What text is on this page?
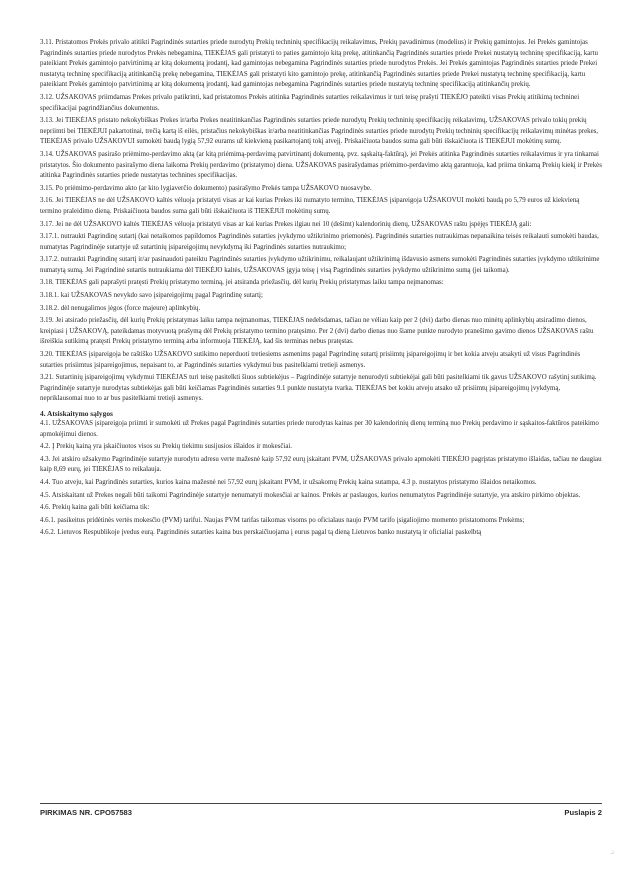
3.11. Pristatomos Prekės privalo atitikti Pagrindinės sutarties priede nurodytų Prekių techninių specifikacijų reikalavimus, Prekių pavadinimus (modelius) ir Prekių gamintojus. Jei Prekės gamintojas Pagrindinės sutarties priede nurodytos Prekės nebegamina, TIEKĖJAS gali pristatyti to paties gamintojo kitą prekę, atitinkančią Pagrindinės sutarties priede Prekei nustatytą techninę specifikaciją, kartu pateikiant Prekės gamintojo patvirtinimą ar kitą dokumentą įrodantį, kad gamintojas nebegamina Pagrindinės sutarties priede nurodytos Prekės. Jei Prekės gamintojas Pagrindinės sutarties priede Prekei nustatytą techninę specifikaciją atitinkančią prekę nebegamina, TIEKĖJAS gali pristatyti kito gamintojo prekę, atitinkančią Pagrindinės sutarties priede Prekei nustatytą techninę specifikaciją, kartu pateikiant Prekės gamintojo patvirtinimą ar kitą dokumentą įrodantį, kad gamintojas nebegamina Pagrindinės sutarties priede nustatytą techninę specifikaciją atitinkančių prekių.

3.12. UŽSAKOVAS priimdamas Prekes privalo patikrinti, kad pristatomos Prekės atitinka Pagrindinės sutarties reikalavimus ir turi teisę prašyti TIEKĖJO pateikti visas Prekių atitikimą techninei specifikacijai pagrindžiančius dokumentus.

3.13. Jei TIEKĖJAS pristato nekokybiškas Prekes ir/arba Prekes neatitinkančias Pagrindinės sutarties priede nurodytų Prekių techninių specifikacijų reikalavimų, UŽSAKOVAS privalo tokių prekių nepriimti bei TIEKĖJUI pakartotinai, trečią kartą iš eilės, pristačius nekokybiškas ir/arba neatitinkančias Pagrindinės sutarties priede nurodytų Prekių techninių specifikacijų reikalavimų minėtas prekes, TIEKĖJAS privalo UŽSAKOVUI sumokėti baudą lygią 57,92 eurams už kiekvieną pasikartojantį tokį atvejį. Priskaičiuota baudos suma gali būti išskaičiuota iš TIEKĖJUI mokėtinų sumų.

3.14. UŽSAKOVAS pasirašo priėmimo-perdavimo aktą (ar kitą priėmimą-perdavimą patvirtinantį dokumentą, pvz. sąskaitą-faktūrą), jei Prekės atitinka Pagrindinės sutarties reikalavimus ir yra tinkamai pristatytos. Šio dokumento pasirašymo diena laikoma Prekių perdavimo (pristatymo) diena. UŽSAKOVAS pasirašydamas priėmimo-perdavimo aktą garantuoja, kad priima tinkamą Prekių kiekį ir Prekės atitinka Pagrindinės sutarties priede nustatytas technines specifikacijas.

3.15. Po priėmimo-perdavimo akto (ar kito lygiaverčio dokumento) pasirašymo Prekės tampa UŽSAKOVO nuosavybe.

3.16. Jei TIEKĖJAS ne dėl UŽSAKOVO kaltės vėluoja pristatyti visas ar kai kurias Prekes iki numatyto termino, TIEKĖJAS įsipareigoja UŽSAKOVUI mokėti baudą po 5,79 euros už kiekvieną termino praleidimo dieną. Priskaičiuota baudos suma gali būti išskaičiuota iš TIEKĖJUI mokėtinų sumų.

3.17. Jei ne dėl UŽSAKOVO kaltės TIEKĖJAS vėluoja pristatyti visas ar kai kurias Prekes ilgiau nei 10 (dešimt) kalendorinių dienų, UŽSAKOVAS raštu įspėjęs TIEKĖJĄ gali:

3.17.1. nutraukti Pagrindinę sutartį (kai netaikomos papildomos Pagrindinės sutarties įvykdymo užtikrinimo priemonės). Pagrindinės sutarties nutraukimas nepanaikina teisės reikalauti sumokėti baudas, numatytas Pagrindinėje sutartyje už sutartinių įsipareigojimų nevykdymą iki Pagrindinės sutarties nutraukimo;

3.17.2. nutraukti Pagrindinę sutartį ir/ar pasinaudoti pateiktu Pagrindinės sutarties įvykdymo užtikrinimu, reikalaujant užtikrinimą išdavusio asmens sumokėti Pagrindinės sutarties įvykdymo užtikrinime numatytą sumą. Jei Pagrindinė sutartis nutraukiama dėl TIEKĖJO kaltės, UŽSAKOVAS įgyja teisę į visą Pagrindinės sutarties įvykdymo užtikrinimo sumą (jei taikoma).

3.18. TIEKĖJAS gali paprašyti pratęsti Prekių pristatymo terminą, jei atsiranda priežasčių, dėl kurių Prekių pristatymas laiku tampa neįmanomas:

3.18.1. kai UŽSAKOVAS nevykdo savo įsipareigojimų pagal Pagrindinę sutartį;

3.18.2. dėl nenugalimos jėgos (force majeure) aplinkybių.

3.19. Jei atsirado priežasčių, dėl kurių Prekių pristatymas laiku tampa neįmanomas, TIEKĖJAS nedelsdamas, tačiau ne vėliau kaip per 2 (dvi) darbo dienas nuo minėtų aplinkybių atsiradimo dienos, kreipiasi į UŽSAKOVĄ, pateikdamas motyvuotą prašymą dėl Prekių pristatymo termino pratęsimo. Per 2 (dvi) darbo dienas nuo šiame punkte nurodyto pranešimo gavimo dienos UŽSAKOVAS raštu išreiškia sutikimą pratęsti Prekių pristatymo terminą arba informuoja TIEKĖJĄ, kad šis terminas nebus pratęstas.

3.20. TIEKĖJAS įsipareigoja be raštiško UŽSAKOVO sutikimo neperduoti tretiesiems asmenims pagal Pagrindinę sutartį prisiimtų įsipareigojimų ir bet kokia atveju atsakyti už visus Pagrindinės sutarties prisiimtus įsipareigojimus, nepaisant to, ar Pagrindinės sutarties vykdymui bus pasitelkiami tretieji asmenys.

3.21. Sutartinių įsipareigojimų vykdymui TIEKĖJAS turi teisę pasitelkti šiuos subtiekėjus – Pagrindinėje sutartyje nenurodyti subtiekėjai gali būti pasitelkiami tik gavus UŽSAKOVO rašytinį sutikimą. Pagrindinėje sutartyje nurodytas subtiekėjas gali būti keičiamas Pagrindinės sutarties 9.1 punkte nustatyta tvarka. TIEKĖJAS bet kokiu atveju atsako už prisiimtų įsipareigojimų įvykdymą, nepriklausomai nuo to ar bus pasitelkiami tretieji asmenys.

4. Atsiskaitymo sąlygos

4.1. UŽSAKOVAS įsipareigoja priimti ir sumokėti už Prekes pagal Pagrindinės sutarties priede nurodytas kainas per 30 kalendorinių dienų terminą nuo Prekių perdavimo ir sąskaitos-faktūros pateikimo apmokėjimui dienos.

4.2. Į Prekių kainą yra įskaičiuotos visos su Prekių tiekimu susijusios išlaidos ir mokesčiai.

4.3. Jei atskiro užsakymo Pagrindinėje sutartyje nurodytu adresu verte mažesnė kaip 57,92 eurų įskaitant PVM, UŽSAKOVAS privalo apmokėti TIEKĖJO pagrįstas pristatymo išlaidas, tačiau ne daugiau kaip 8,69 eurų, jei TIEKĖJAS to reikalauja.

4.4. Tuo atveju, kai Pagrindinės sutarties, kurios kaina mažesnė nei 57,92 eurų įskaitant PVM, ir užsakomų Prekių kaina sutampa, 4.3 p. nustatytos pristatymo išlaidos netaikomos.

4.5. Atsiskaitant už Prekes negali būti taikomi Pagrindinėje sutartyje nenumatyti mokesčiai ar kainos. Prekės ar paslaugos, kurios nenumatytos Pagrindinėje sutartyje, yra atskiro pirkimo objektas.

4.6. Prekių kaina gali būti keičiama tik:

4.6.1. pasikeitus pridėtinės vertės mokesčio (PVM) tarifui. Naujas PVM tarifas taikomas visoms po oficialaus naujo PVM tarifo įsigaliojimo momento pristatomoms Prekėms;

4.6.2. Lietuvos Respublikoje įvedus eurą. Pagrindinės sutarties kaina bus perskaičiuojama į eurus pagal tą dieną Lietuvos banko nustatytą ir oficialiai paskelbtą

PIRKIMAS NR. CPO57583	Puslapis 2
⌟
